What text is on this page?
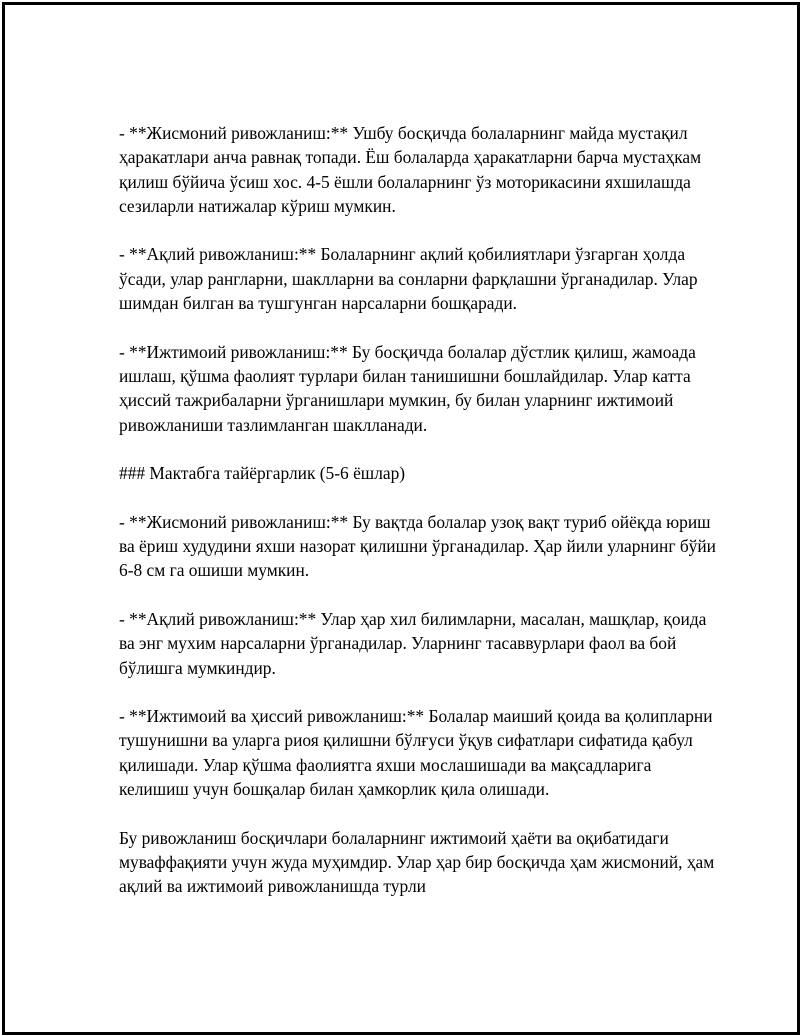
- **Жисмоний ривожланиш:** Ушбу босқичда болаларнинг майда мустақил ҳаракатлари анча равнақ топади. Ёш болаларда ҳаракатларни барча мустаҳкам қилиш бўйича ўсиш хос. 4-5 ёшли болаларнинг ўз моторикасини яхшилашда сезиларли натижалар кўриш мумкин.

- **Ақлий ривожланиш:** Болаларнинг ақлий қобилиятлари ўзгарган ҳолда ўсади, улар рангларни, шаклларни ва сонларни фарқлашни ўрганадилар. Улар шимдан билган ва тушгунган нарсаларни бошқаради.

- **Ижтимоий ривожланиш:** Бу босқичда болалар дўстлик қилиш, жамоада ишлаш, қўшма фаолият турлари билан танишишни бошлайдилар. Улар катта ҳиссий тажрибаларни ўрганишлари мумкин, бу билан уларнинг ижтимоий ривожланиши тазлимланган шаклланади.

### Мактабга тайёргарлик (5-6 ёшлар)

- **Жисмоний ривожланиш:** Бу вақтда болалар узоқ вақт туриб ойёқда юриш ва ёриш худудини яхши назорат қилишни ўрганадилар. Ҳар йили уларнинг бўйи 6-8 см га ошиши мумкин.

- **Ақлий ривожланиш:** Улар ҳар хил билимларни, масалан, машқлар, қоида ва энг мухим нарсаларни ўрганадилар. Уларнинг тасаввурлари фаол ва бой бўлишга мумкиндир.

- **Ижтимоий ва ҳиссий ривожланиш:** Болалар маиший қоида ва қолипларни тушунишни ва уларга риоя қилишни бўлғуси ўқув сифатлари сифатида қабул қилишади. Улар қўшма фаолиятга яхши мослашишади ва мақсадларига келишиш учун бошқалар билан ҳамкорлик қила олишади.

Бу ривожланиш босқичлари болаларнинг ижтимоий ҳаёти ва оқибатидаги муваффақияти учун жуда муҳимдир. Улар ҳар бир босқичда ҳам жисмоний, ҳам ақлий ва ижтимоий ривожланишда турли
